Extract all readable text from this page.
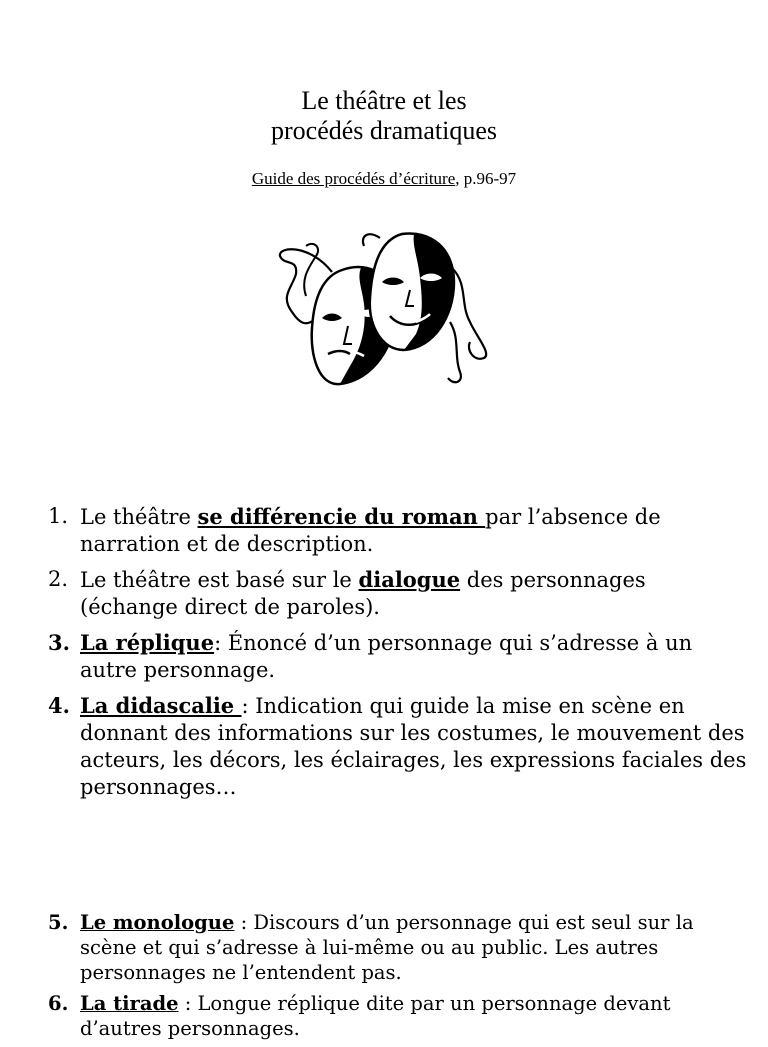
Le théâtre et les
procédés dramatiques
Guide des procédés d’écriture, p.96-97
1. Le théâtre se différencie du roman par l’absence de narration et de description.
2. Le théâtre est basé sur le dialogue des personnages (échange direct de paroles).
3. La réplique: Énoncé d’un personnage qui s’adresse à un autre personnage.
4. La didascalie : Indication qui guide la mise en scène en donnant des informations sur les costumes, le mouvement des acteurs, les décors, les éclairages, les expressions faciales des personnages…
5. Le monologue : Discours d’un personnage qui est seul sur la scène et qui s’adresse à lui-même ou au public. Les autres personnages ne l’entendent pas.
6. La tirade : Longue réplique dite par un personnage devant d’autres personnages.
